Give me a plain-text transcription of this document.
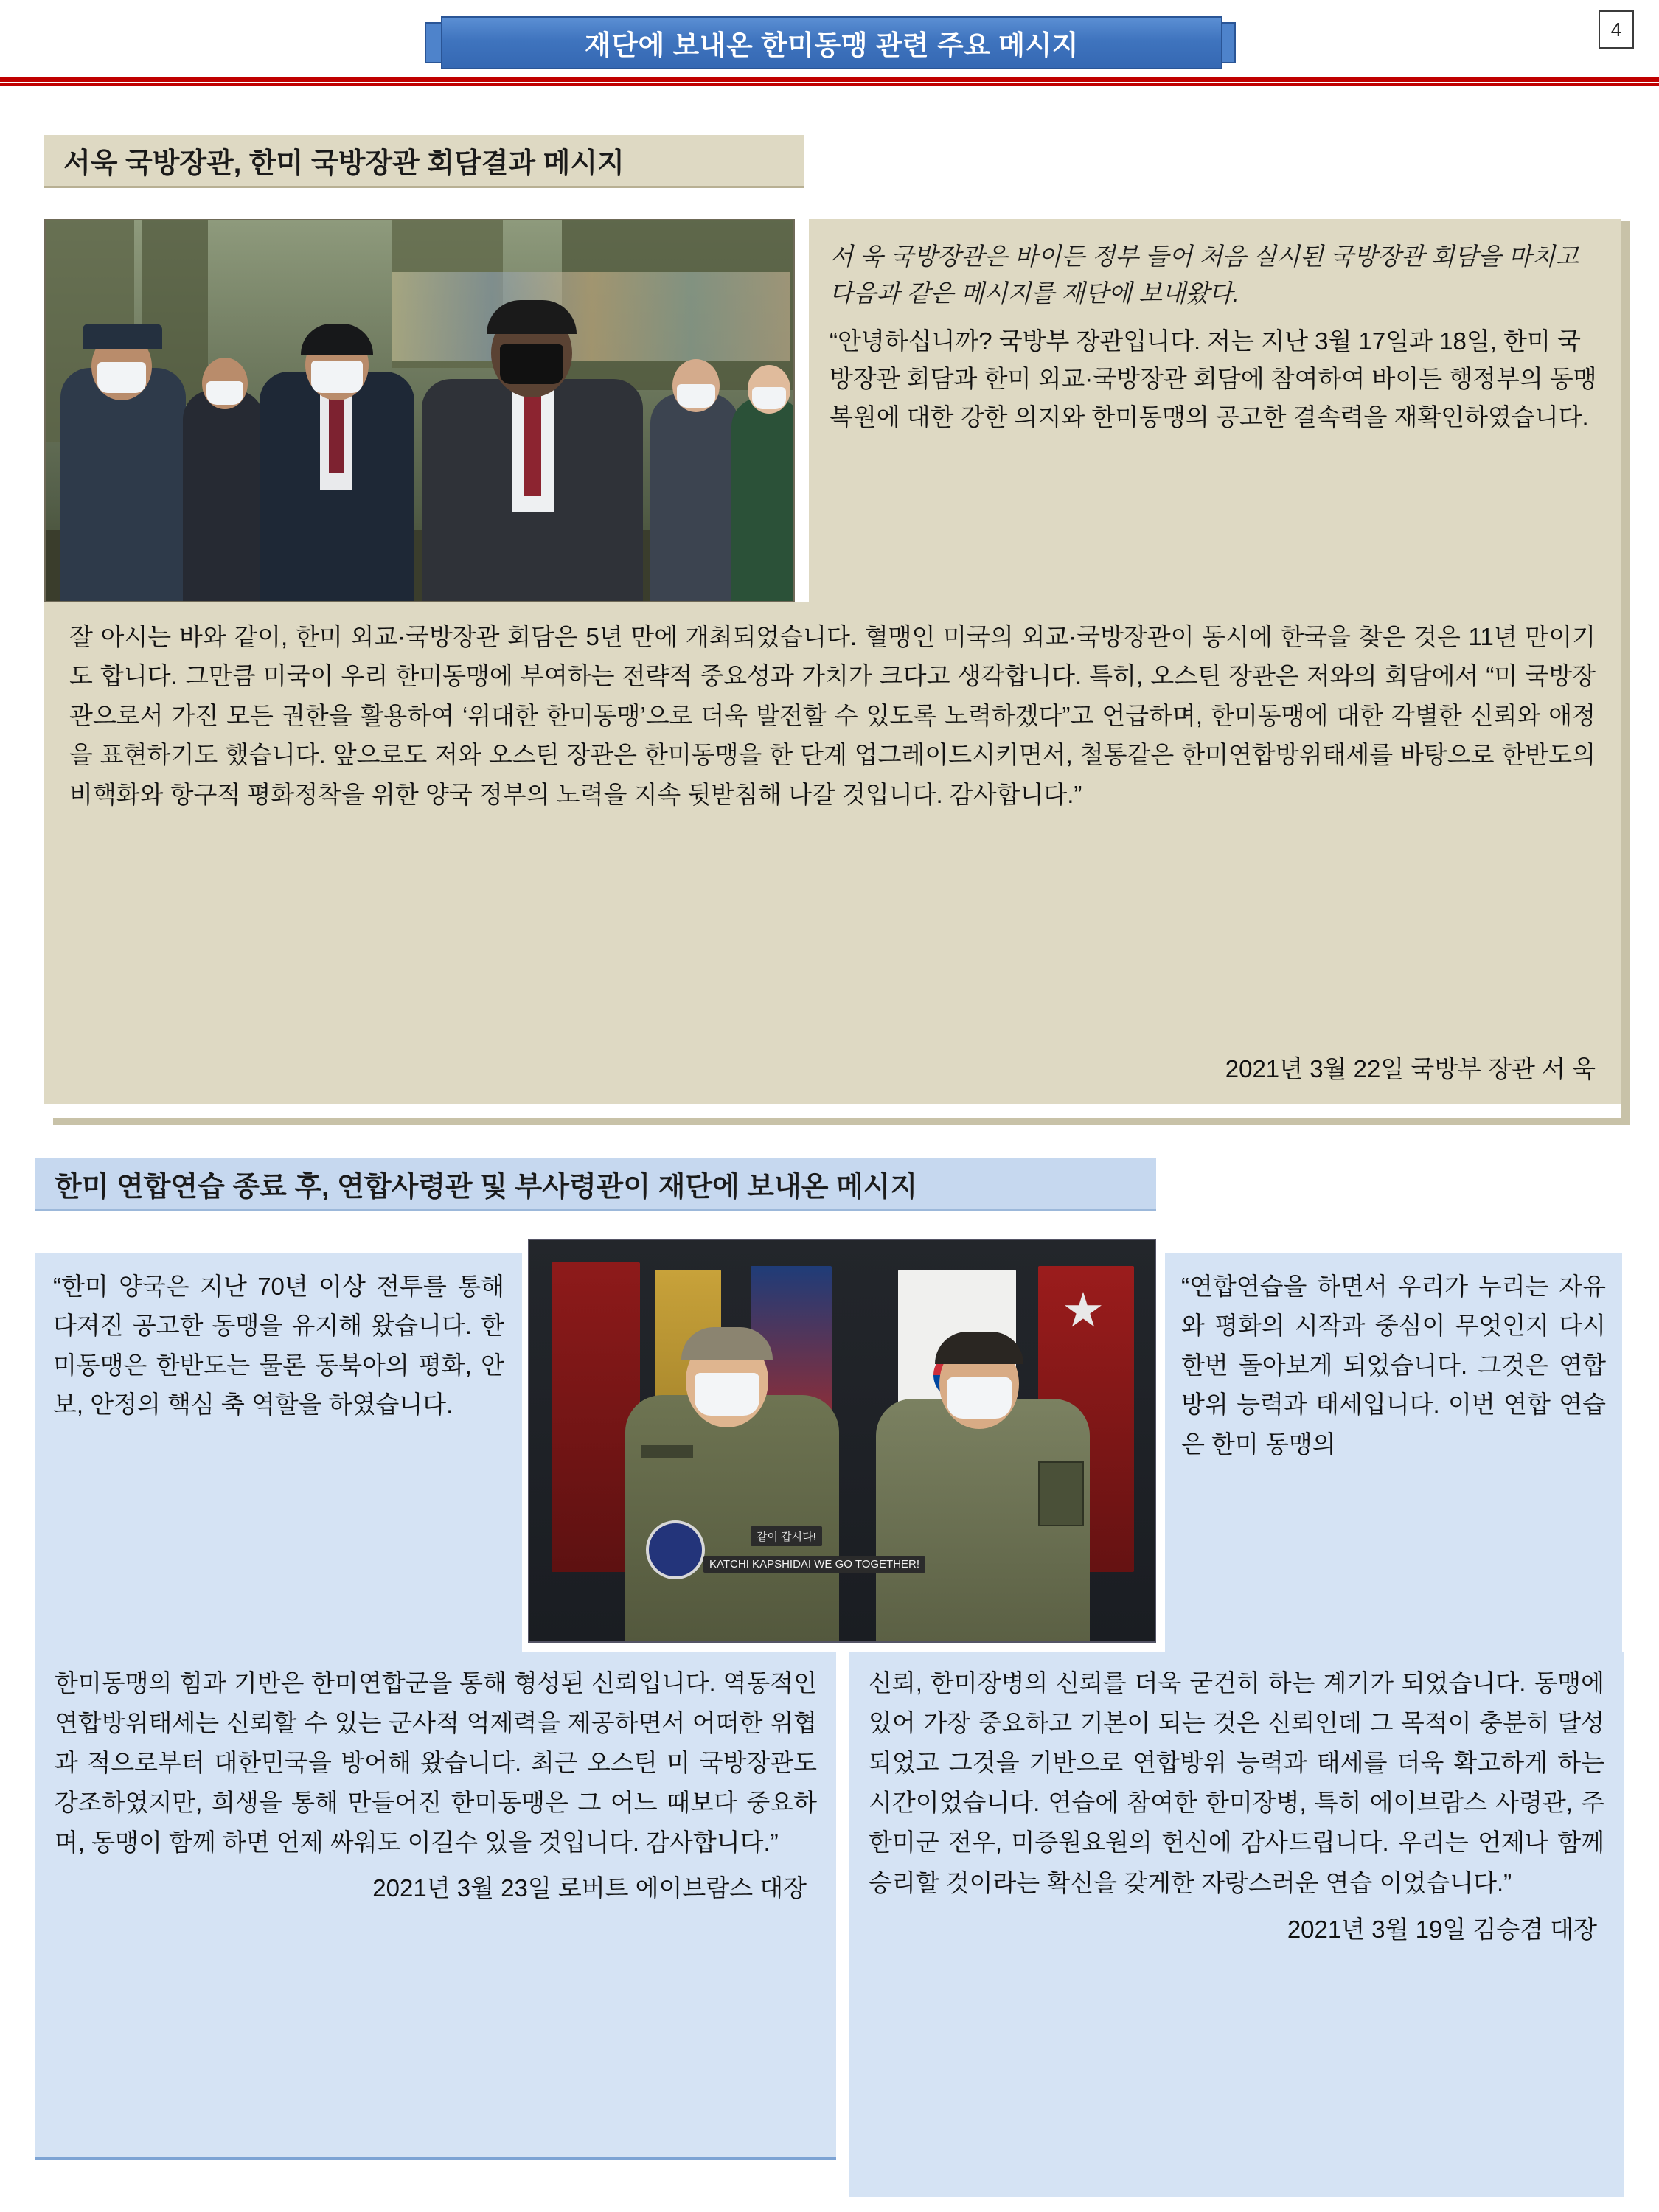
4
재단에 보내온 한미동맹 관련 주요 메시지
서욱 국방장관, 한미 국방장관 회담결과 메시지
서 욱 국방장관은 바이든 정부 들어 처음 실시된 국방장관 회담을 마치고 다음과 같은 메시지를 재단에 보내왔다.
“안녕하십니까? 국방부 장관입니다. 저는 지난 3월 17일과 18일, 한미 국방장관 회담과 한미 외교·국방장관 회담에 참여하여 바이든 행정부의 동맹 복원에 대한 강한 의지와 한미동맹의 공고한 결속력을 재확인하였습니다.

잘 아시는 바와 같이, 한미 외교·국방장관 회담은 5년 만에 개최되었습니다. 혈맹인 미국의 외교·국방장관이 동시에 한국을 찾은 것은 11년 만이기도 합니다. 그만큼 미국이 우리 한미동맹에 부여하는 전략적 중요성과 가치가 크다고 생각합니다. 특히, 오스틴 장관은 저와의 회담에서 “미 국방장관으로서 가진 모든 권한을 활용하여 ‘위대한 한미동맹’으로 더욱 발전할 수 있도록 노력하겠다”고 언급하며, 한미동맹에 대한 각별한 신뢰와 애정을 표현하기도 했습니다. 앞으로도 저와 오스틴 장관은 한미동맹을 한 단계 업그레이드시키면서, 철통같은 한미연합방위태세를 바탕으로 한반도의 비핵화와 항구적 평화정착을 위한 양국 정부의 노력을 지속 뒷받침해 나갈 것입니다. 감사합니다.”

2021년 3월 22일 국방부 장관 서 욱
한미 연합연습 종료 후, 연합사령관 및 부사령관이 재단에 보내온 메시지

“한미 양국은 지난 70년 이상 전투를 통해 다져진 공고한 동맹을 유지해 왔습니다. 한미동맹은 한반도는 물론 동북아의 평화, 안보, 안정의 핵심 축 역할을 하였습니다.

같이 갑시다!
KATCHI KAPSHIDAI WE GO TOGETHER!

“연합연습을 하면서 우리가 누리는 자유와 평화의 시작과 중심이 무엇인지 다시한번 돌아보게 되었습니다. 그것은 연합방위 능력과 태세입니다. 이번 연합 연습은 한미 동맹의

한미동맹의 힘과 기반은 한미연합군을 통해 형성된 신뢰입니다. 역동적인 연합방위태세는 신뢰할 수 있는 군사적 억제력을 제공하면서 어떠한 위협과 적으로부터 대한민국을 방어해 왔습니다. 최근 오스틴 미 국방장관도 강조하였지만, 희생을 통해 만들어진 한미동맹은 그 어느 때보다 중요하며, 동맹이 함께 하면 언제 싸워도 이길수 있을 것입니다. 감사합니다.”

2021년 3월 23일 로버트 에이브람스 대장

신뢰, 한미장병의 신뢰를 더욱 굳건히 하는 계기가 되었습니다. 동맹에 있어 가장 중요하고 기본이 되는 것은 신뢰인데 그 목적이 충분히 달성되었고 그것을 기반으로 연합방위 능력과 태세를 더욱 확고하게 하는 시간이었습니다. 연습에 참여한 한미장병, 특히 에이브람스 사령관, 주한미군 전우, 미증원요원의 헌신에 감사드립니다. 우리는 언제나 함께 승리할 것이라는 확신을 갖게한 자랑스러운 연습 이었습니다.”

2021년 3월 19일 김승겸 대장
